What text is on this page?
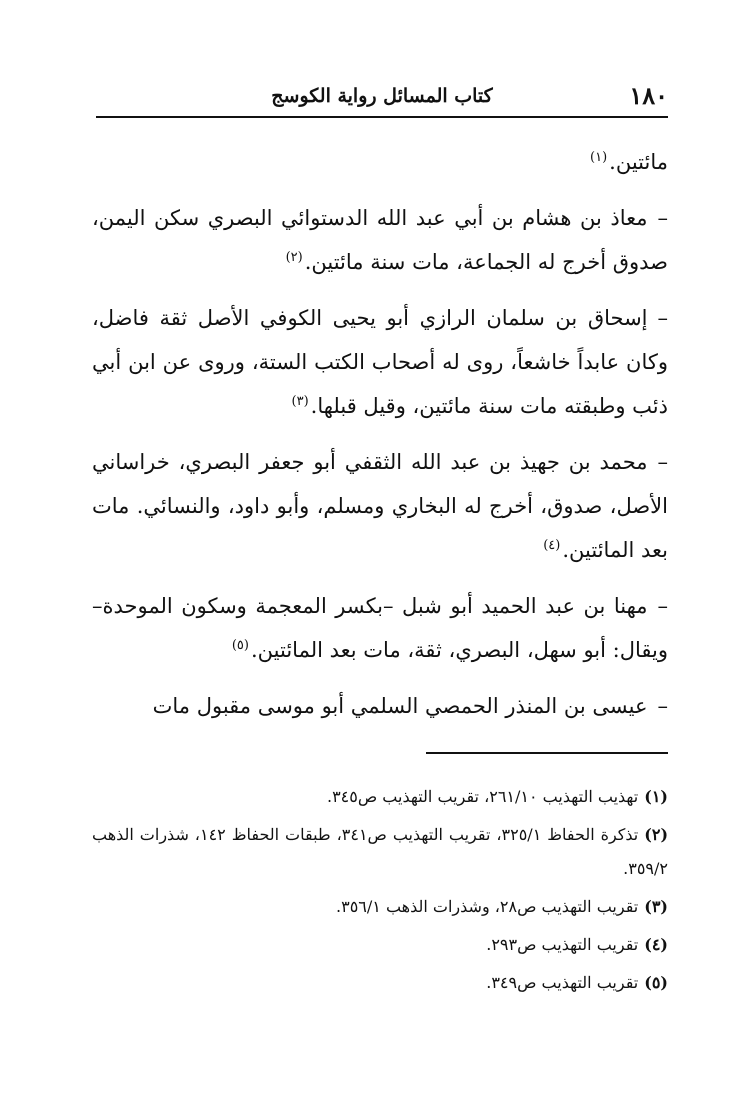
١٨٠
كتاب المسائل رواية الكوسج

مائتين.$^{(١)}$

–معاذ بن هشام بن أبي عبد الله الدستوائي البصري سكن اليمن، صدوق أخرج له الجماعة، مات سنة مائتين.$^{(٢)}$

–إسحاق بن سلمان الرازي أبو يحيى الكوفي الأصل ثقة فاضل، وكان عابداً خاشعاً، روى له أصحاب الكتب الستة، وروى عن ابن أبي ذئب وطبقته مات سنة مائتين، وقيل قبلها.$^{(٣)}$

–محمد بن جهيذ بن عبد الله الثقفي أبو جعفر البصري، خراساني الأصل، صدوق، أخرج له البخاري ومسلم، وأبو داود، والنسائي. مات بعد المائتين.$^{(٤)}$

–مهنا بن عبد الحميد أبو شبل –بكسر المعجمة وسكون الموحدة– ويقال: أبو سهل، البصري، ثقة، مات بعد المائتين.$^{(٥)}$

–عيسى بن المنذر الحمصي السلمي أبو موسى مقبول مات

(١)تهذيب التهذيب ٢٦١/١٠، تقريب التهذيب ص٣٤٥.

(٢)تذكرة الحفاظ ٣٢٥/١، تقريب التهذيب ص٣٤١، طبقات الحفاظ ١٤٢، شذرات الذهب ٣٥٩/٢.

(٣)تقريب التهذيب ص٢٨، وشذرات الذهب ٣٥٦/١.

(٤)تقريب التهذيب ص٢٩٣.

(٥)تقريب التهذيب ص٣٤٩.
